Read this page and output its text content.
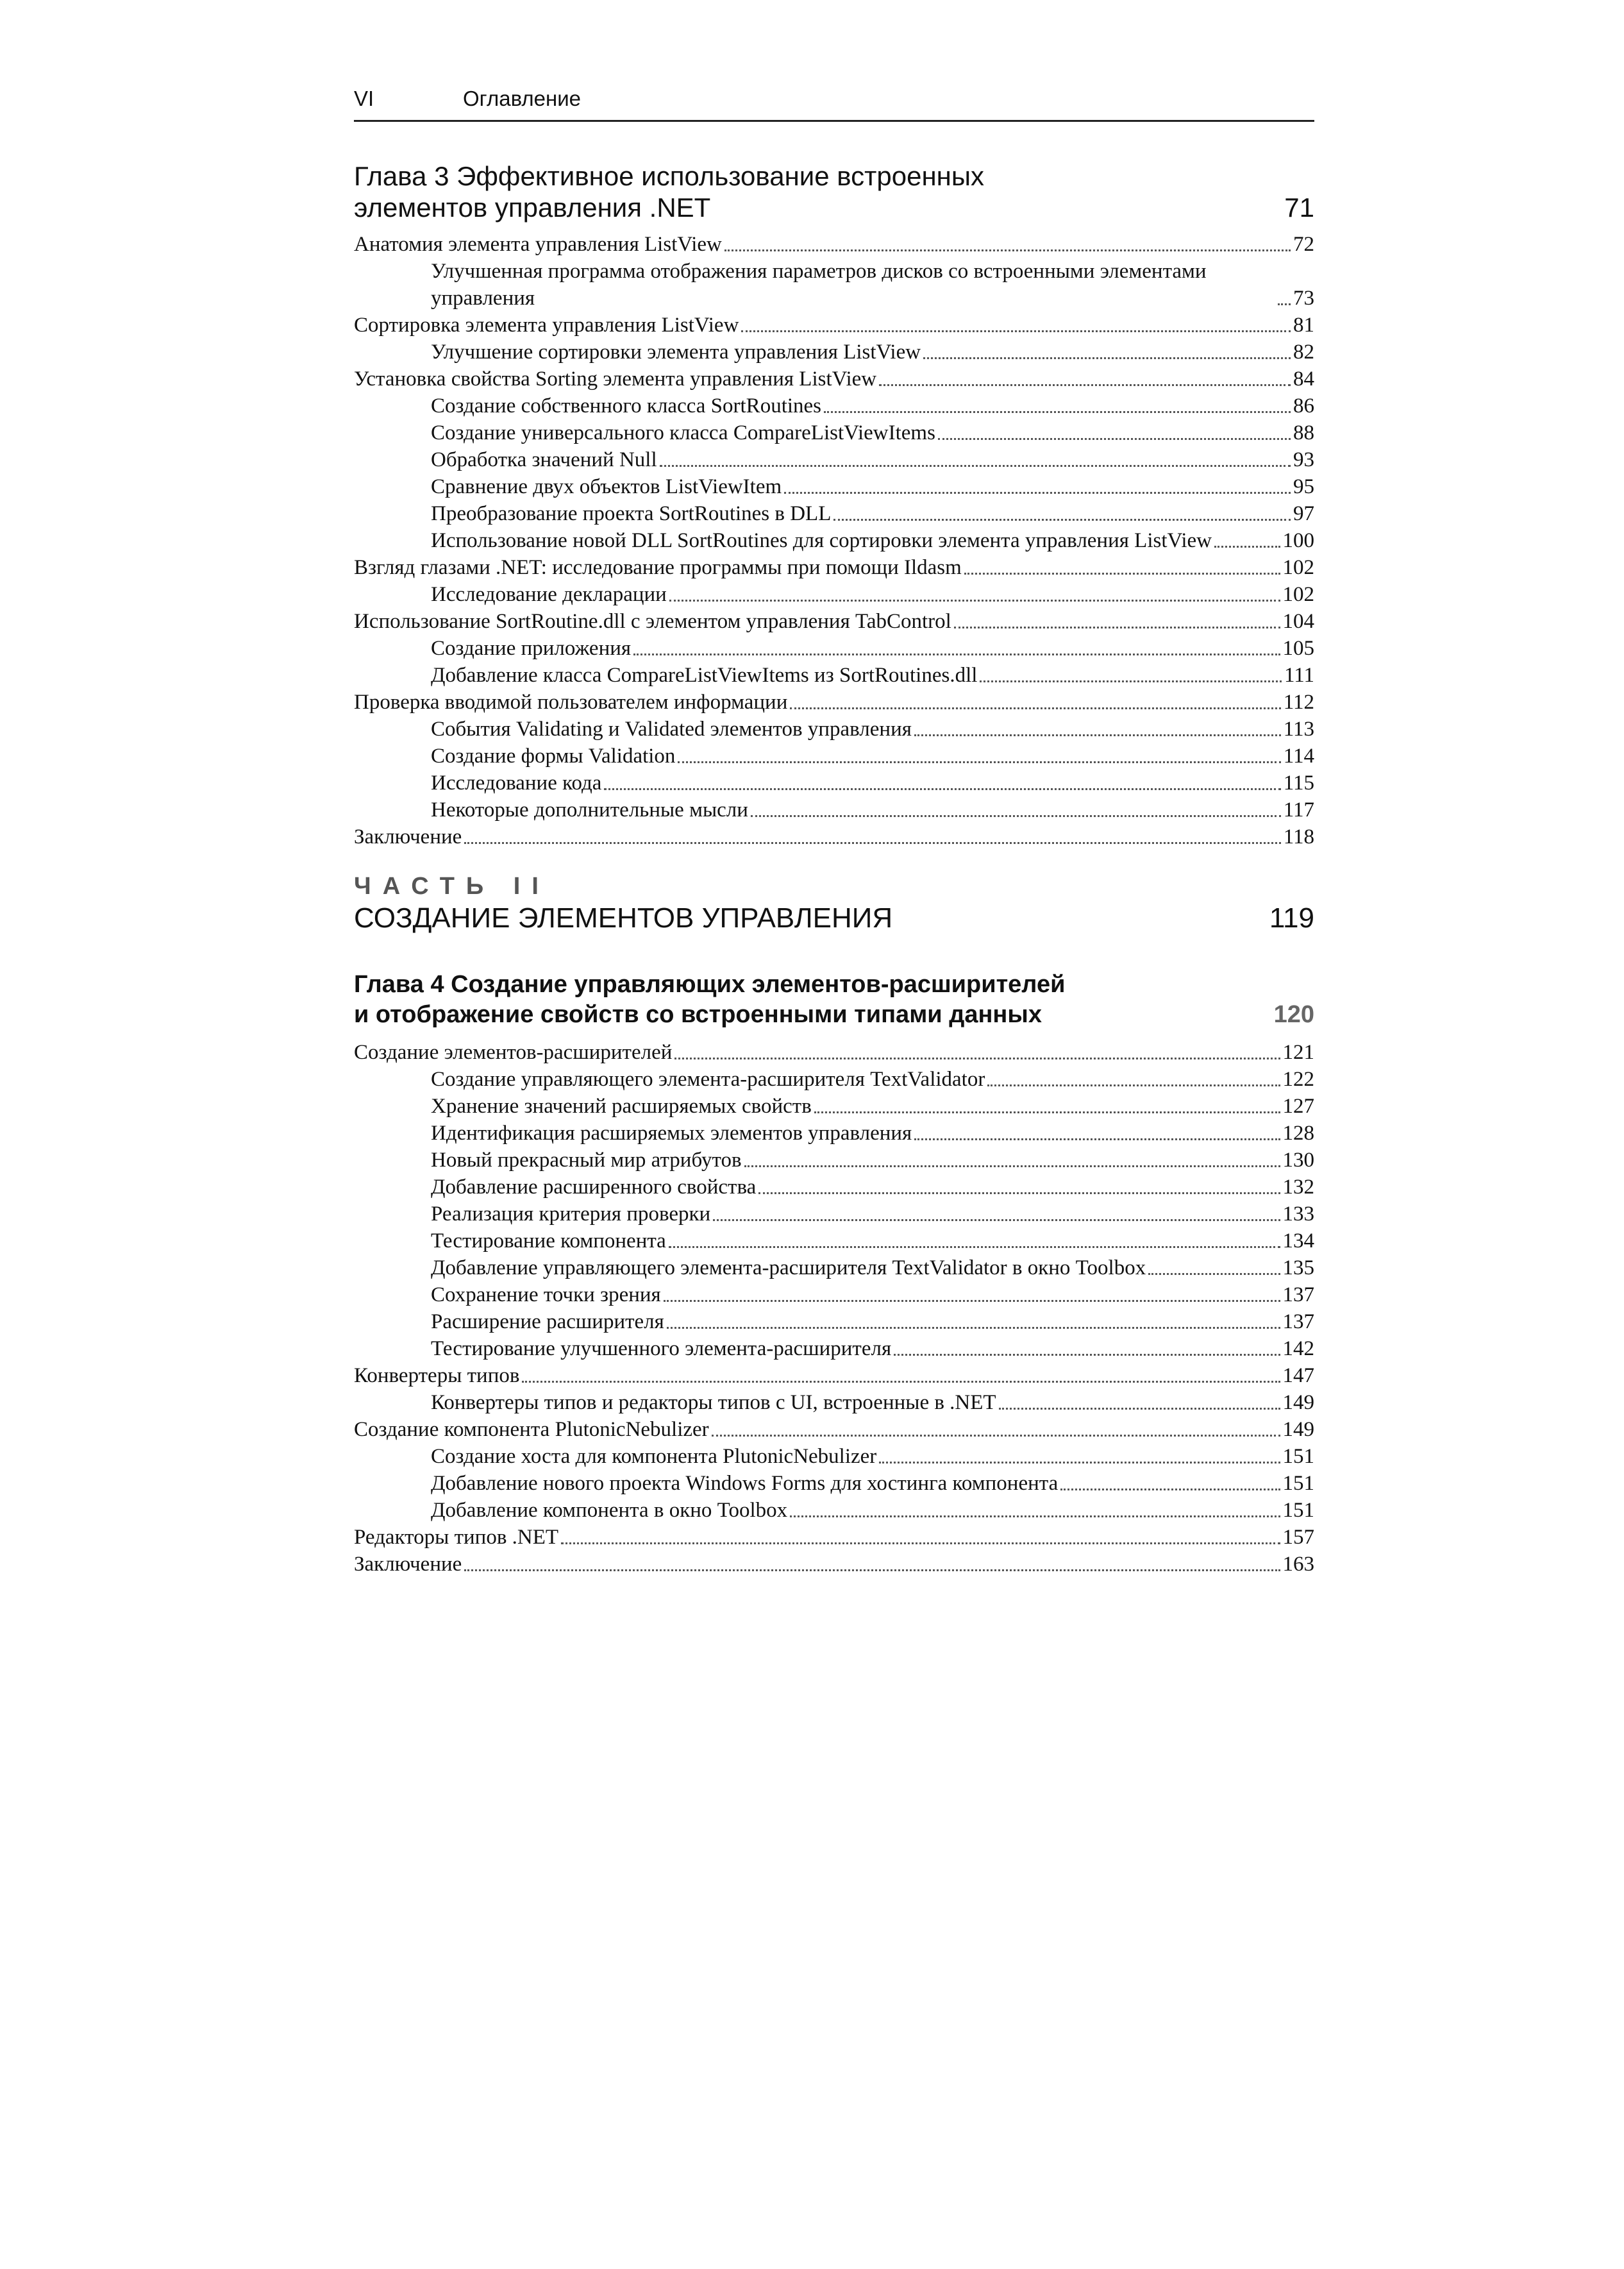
VI	Оглавление
Глава 3 Эффективное использование встроенных
элементов управления .NET	71
Анатомия элемента управления ListView	72
Улучшенная программа отображения параметров дисков со встроенными элементами управления	73
Сортировка элемента управления ListView	81
Улучшение сортировки элемента управления ListView	82
Установка свойства Sorting элемента управления ListView	84
Создание собственного класса SortRoutines	86
Создание универсального класса CompareListViewItems	88
Обработка значений Null	93
Сравнение двух объектов ListViewItem	95
Преобразование проекта SortRoutines в DLL	97
Использование новой DLL SortRoutines для сортировки элемента управления ListView	100
Взгляд глазами .NET: исследование программы при помощи Ildasm	102
Исследование декларации	102
Использование SortRoutine.dll с элементом управления TabControl	104
Создание приложения	105
Добавление класса CompareListViewItems из SortRoutines.dll	111
Проверка вводимой пользователем информации	112
События Validating и Validated элементов управления	113
Создание формы Validation	114
Исследование кода	115
Некоторые дополнительные мысли	117
Заключение	118
ЧАСТЬ II
СОЗДАНИЕ ЭЛЕМЕНТОВ УПРАВЛЕНИЯ	119
Глава 4 Создание управляющих элементов-расширителей
и отображение свойств со встроенными типами данных	120
Создание элементов-расширителей	121
Создание управляющего элемента-расширителя TextValidator	122
Хранение значений расширяемых свойств	127
Идентификация расширяемых элементов управления	128
Новый прекрасный мир атрибутов	130
Добавление расширенного свойства	132
Реализация критерия проверки	133
Тестирование компонента	134
Добавление управляющего элемента-расширителя TextValidator в окно Toolbox	135
Сохранение точки зрения	137
Расширение расширителя	137
Тестирование улучшенного элемента-расширителя	142
Конвертеры типов	147
Конвертеры типов и редакторы типов с UI, встроенные в .NET	149
Создание компонента PlutonicNebulizer	149
Создание хоста для компонента PlutonicNebulizer	151
Добавление нового проекта Windows Forms для хостинга компонента	151
Добавление компонента в окно Toolbox	151
Редакторы типов .NET	157
Заключение	163
